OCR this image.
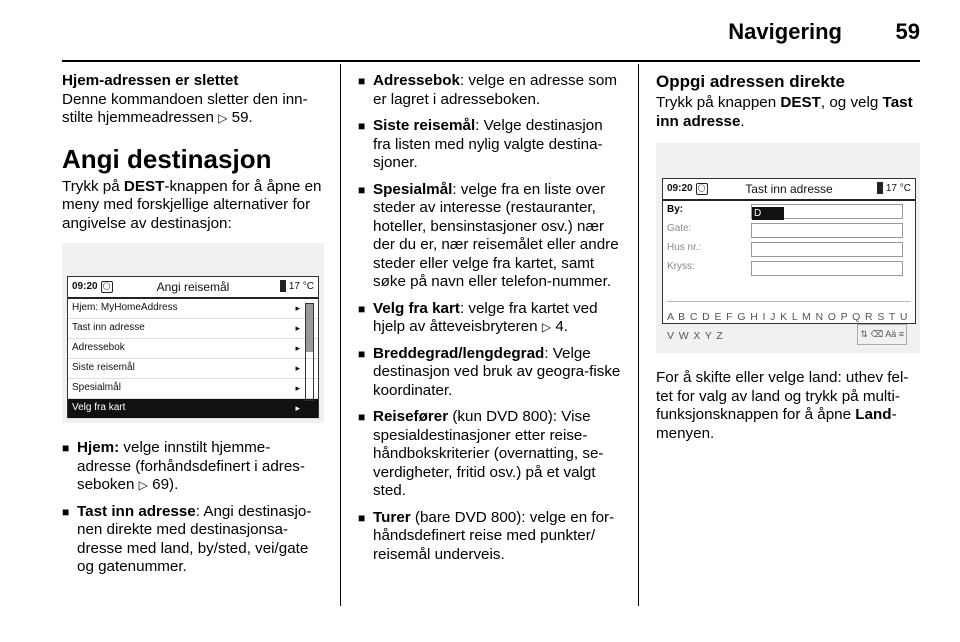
Navigering 59

Hjem-adressen er slettet

Denne kommandoen sletter den inn-stilte hjemmeadressen ▷ 59.

Angi destinasjon

Trykk på DEST-knappen for å åpne en meny med forskjellige alternativer for angivelse av destinasjon:

09:20 ◯	Angi reisemål	17 °C
Hjem: MyHomeAddress	▸
Tast inn adresse	▸
Adressebok	▸
Siste reisemål	▸
Spesialmål	▸
Velg fra kart	▸
■ Hjem: velge innstilt hjemme-adresse (forhåndsdefinert i adres-seboken ▷ 69).
■ Tast inn adresse: Angi destinasjo-nen direkte med destinasjonsa-dresse med land, by/sted, vei/gate og gatenummer.
■ Adressebok: velge en adresse som er lagret i adresseboken.
■ Siste reisemål: Velge destinasjon fra listen med nylig valgte destina-sjoner.
■ Spesialmål: velge fra en liste over steder av interesse (restauranter, hoteller, bensinstasjoner osv.) nær der du er, nær reisemålet eller andre steder eller velge fra kartet, samt søke på navn eller telefon-nummer.
■ Velg fra kart: velge fra kartet ved hjelp av åtteveisbryteren ▷ 4.
■ Breddegrad/lengdegrad: Velge destinasjon ved bruk av geogra-fiske koordinater.
■ Reisefører (kun DVD 800): Vise spesialdestinasjoner etter reise-håndbokskriterier (overnatting, se-verdigheter, fritid osv.) på et valgt sted.
■ Turer (bare DVD 800): velge en for-håndsdefinert reise med punkter/ reisemål underveis.
Oppgi adressen direkte

Trykk på knappen DEST, og velg Tast inn adresse.

09:20 ◯	Tast inn adresse	17 °C
By:	D
Gate:
Hus nr.:
Kryss:
A B C D E F G H I J K L M N O P Q R S T U V W X Y Z	⇅ ⌫ Aä ≡

For å skifte eller velge land: uthev fel-tet for valg av land og trykk på multi-funksjonsknappen for å åpne Land-menyen.
